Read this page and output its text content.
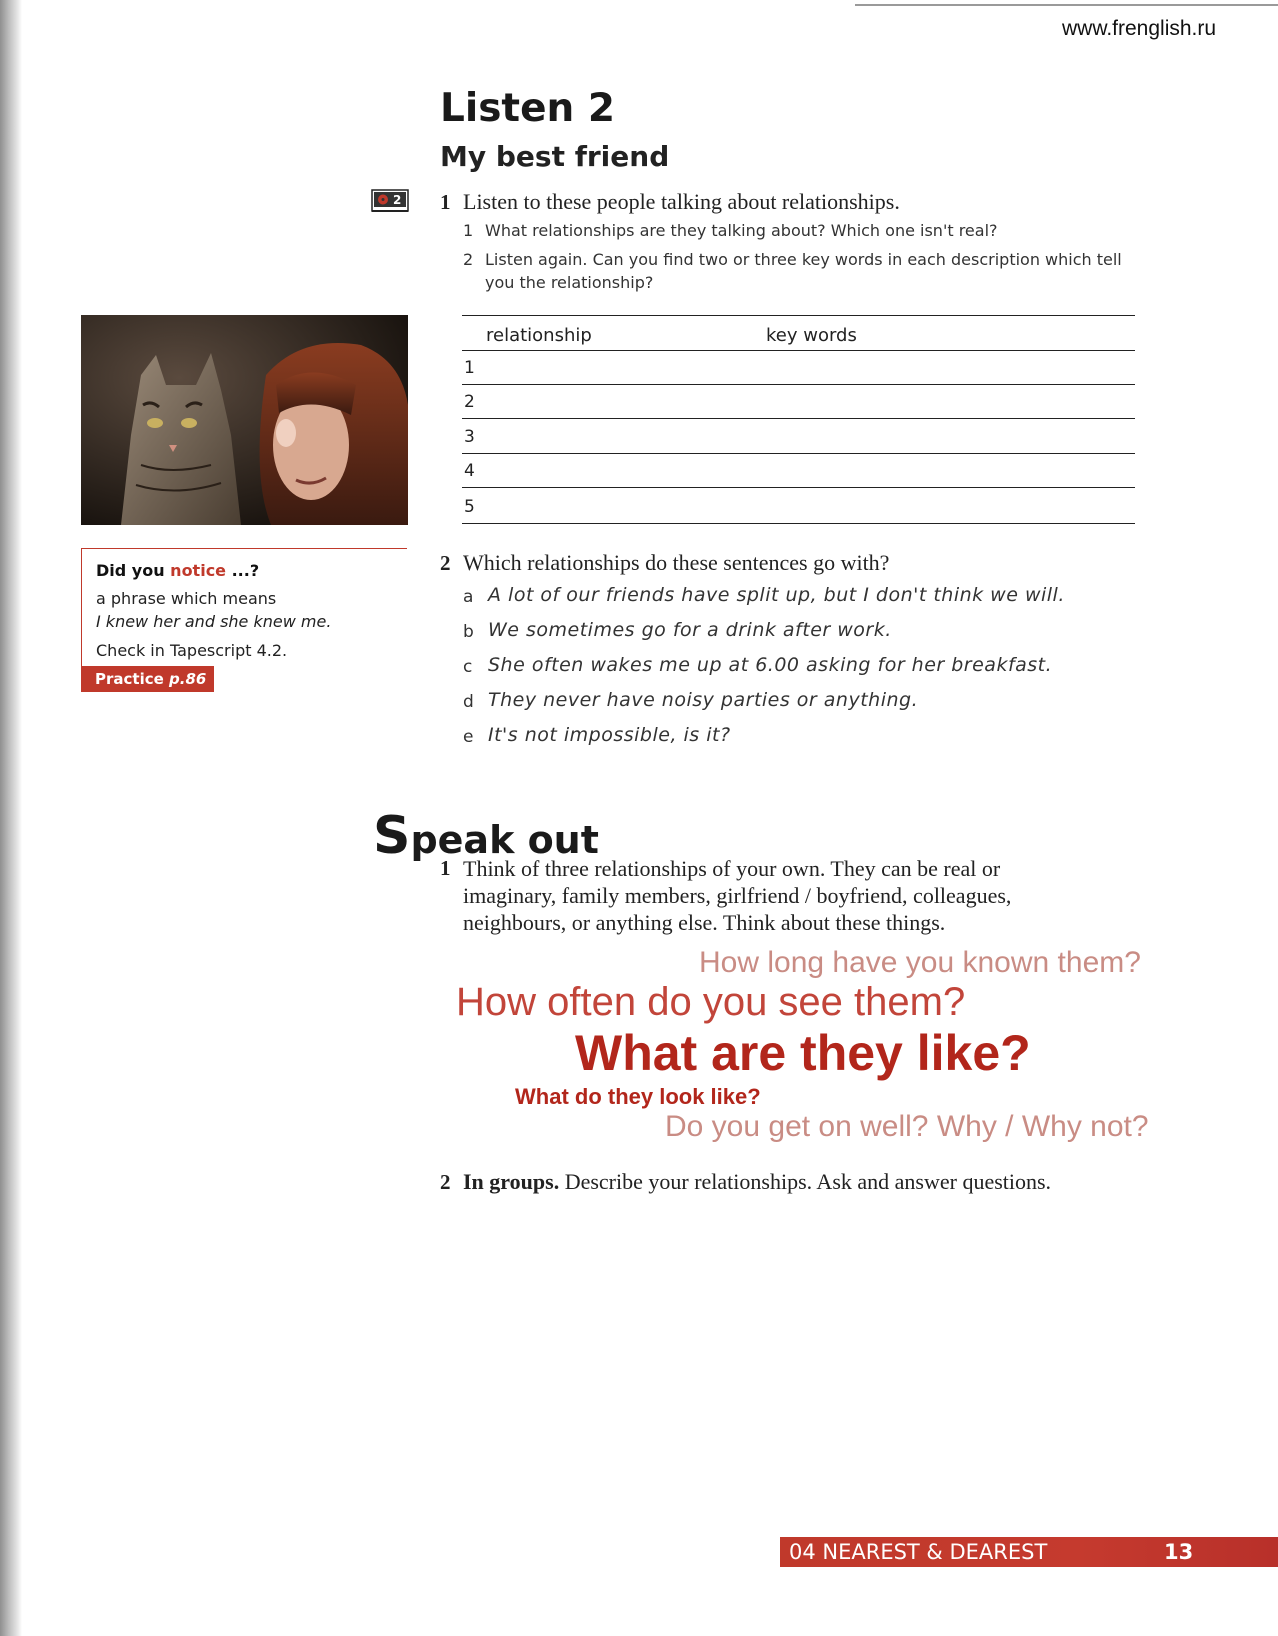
www.frenglish.ru
Listen 2
My best friend
2 1 Listen to these people talking about relationships.
1 What relationships are they talking about? Which one isn't real?
2 Listen again. Can you find two or three key words in each description which tell you the relationship?
relationship	key words
1
2
3
4
5
Did you notice ...?
a phrase which means
I knew her and she knew me.
Check in Tapescript 4.2.
Practice p.86
2 Which relationships do these sentences go with?
a A lot of our friends have split up, but I don't think we will.
b We sometimes go for a drink after work.
c She often wakes me up at 6.00 asking for her breakfast.
d They never have noisy parties or anything.
e It's not impossible, is it?
Speak out
1 Think of three relationships of your own. They can be real or imaginary, family members, girlfriend / boyfriend, colleagues, neighbours, or anything else. Think about these things.
How long have you known them?
How often do you see them?
What are they like?
What do they look like?
Do you get on well? Why / Why not?
2 In groups. Describe your relationships. Ask and answer questions.
04 NEAREST & DEAREST	13
